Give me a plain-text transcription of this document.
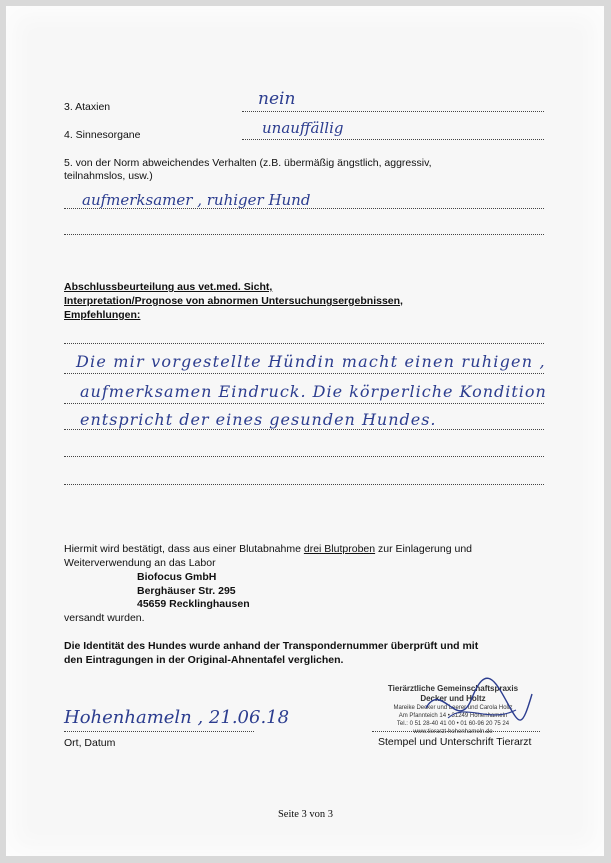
3. Ataxien	nein
4. Sinnesorgane	unauffällig
5. von der Norm abweichendes Verhalten (z.B. übermäßig ängstlich, aggressiv,
teilnahmslos, usw.)
aufmerksamer , ruhiger Hund
Abschlussbeurteilung aus vet.med. Sicht,
Interpretation/Prognose von abnormen Untersuchungsergebnissen,
Empfehlungen:
Die mir vorgestellte Hündin macht einen ruhigen ,
aufmerksamen Eindruck. Die körperliche Kondition
entspricht der eines gesunden Hundes.
Hiermit wird bestätigt, dass aus einer Blutabnahme drei Blutproben zur Einlagerung und
Weiterverwendung an das Labor
Biofocus GmbH
Berghäuser Str. 295
45659 Recklinghausen
versandt wurden.
Die Identität des Hundes wurde anhand der Transpondernummer überprüft und mit
den Eintragungen in der Original-Ahnentafel verglichen.
Hohenhameln , 21.06.18
Ort, Datum
Tierärztliche Gemeinschaftspraxis
Decker und Holtz
Mareike Decker und Leerer und Carola Holtz
Am Pfannteich 14 • 31249 Hohenhameln
Tel.: 0 51 28-40 41 00 • 01 60-96 20 75 24
www.tierarzt-hohenhameln.de
Stempel und Unterschrift Tierarzt
Seite 3 von 3
